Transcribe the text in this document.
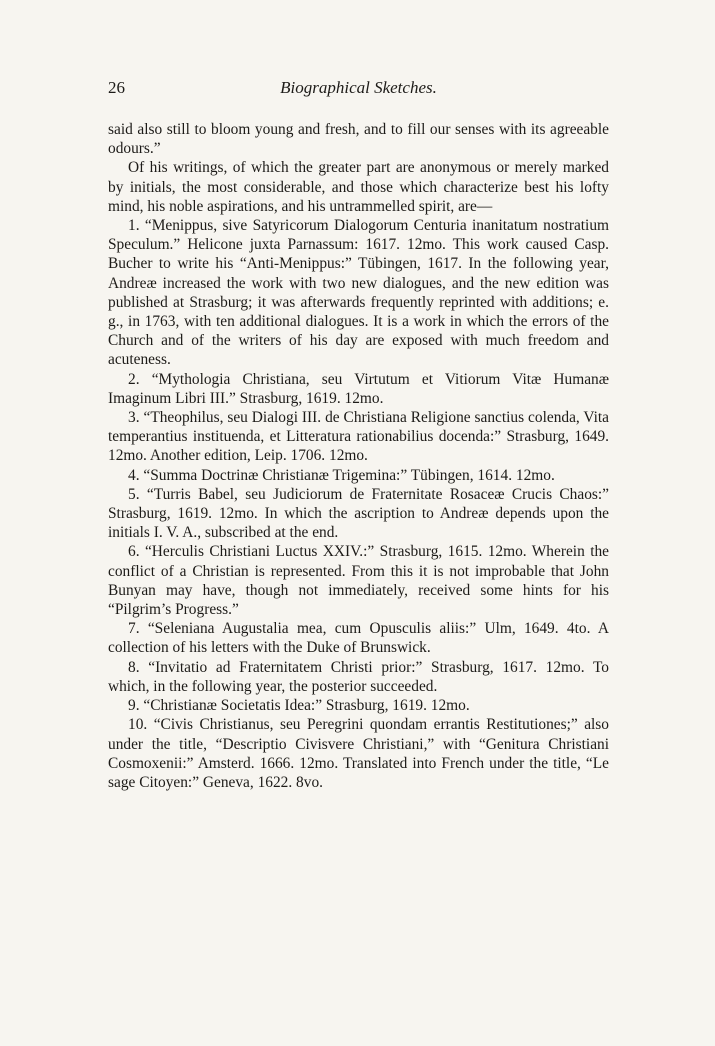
26	Biographical Sketches.

said also still to bloom young and fresh, and to fill our senses with its agreeable odours.”

Of his writings, of which the greater part are anonymous or merely marked by initials, the most considerable, and those which characterize best his lofty mind, his noble aspirations, and his untrammelled spirit, are—

1. “Menippus, sive Satyricorum Dialogorum Centuria inanitatum nostratium Speculum.” Helicone juxta Parnassum: 1617. 12mo. This work caused Casp. Bucher to write his “Anti-Menippus:” Tübingen, 1617. In the following year, Andreæ increased the work with two new dialogues, and the new edition was published at Strasburg; it was afterwards frequently reprinted with additions; e. g., in 1763, with ten additional dialogues. It is a work in which the errors of the Church and of the writers of his day are exposed with much freedom and acuteness.

2. “Mythologia Christiana, seu Virtutum et Vitiorum Vitæ Humanæ Imaginum Libri III.” Strasburg, 1619. 12mo.

3. “Theophilus, seu Dialogi III. de Christiana Religione sanctius colenda, Vita temperantius instituenda, et Litteratura rationabilius docenda:” Strasburg, 1649. 12mo. Another edition, Leip. 1706. 12mo.

4. “Summa Doctrinæ Christianæ Trigemina:” Tübingen, 1614. 12mo.

5. “Turris Babel, seu Judiciorum de Fraternitate Rosaceæ Crucis Chaos:” Strasburg, 1619. 12mo. In which the ascription to Andreæ depends upon the initials I. V. A., subscribed at the end.

6. “Herculis Christiani Luctus XXIV.:” Strasburg, 1615. 12mo. Wherein the conflict of a Christian is represented. From this it is not improbable that John Bunyan may have, though not immediately, received some hints for his “Pilgrim’s Progress.”

7. “Seleniana Augustalia mea, cum Opusculis aliis:” Ulm, 1649. 4to. A collection of his letters with the Duke of Brunswick.

8. “Invitatio ad Fraternitatem Christi prior:” Strasburg, 1617. 12mo. To which, in the following year, the posterior succeeded.

9. “Christianæ Societatis Idea:” Strasburg, 1619. 12mo.

10. “Civis Christianus, seu Peregrini quondam errantis Restitutiones;” also under the title, “Descriptio Civisvere Christiani,” with “Genitura Christiani Cosmoxenii:” Amsterd. 1666. 12mo. Translated into French under the title, “Le sage Citoyen:” Geneva, 1622. 8vo.
